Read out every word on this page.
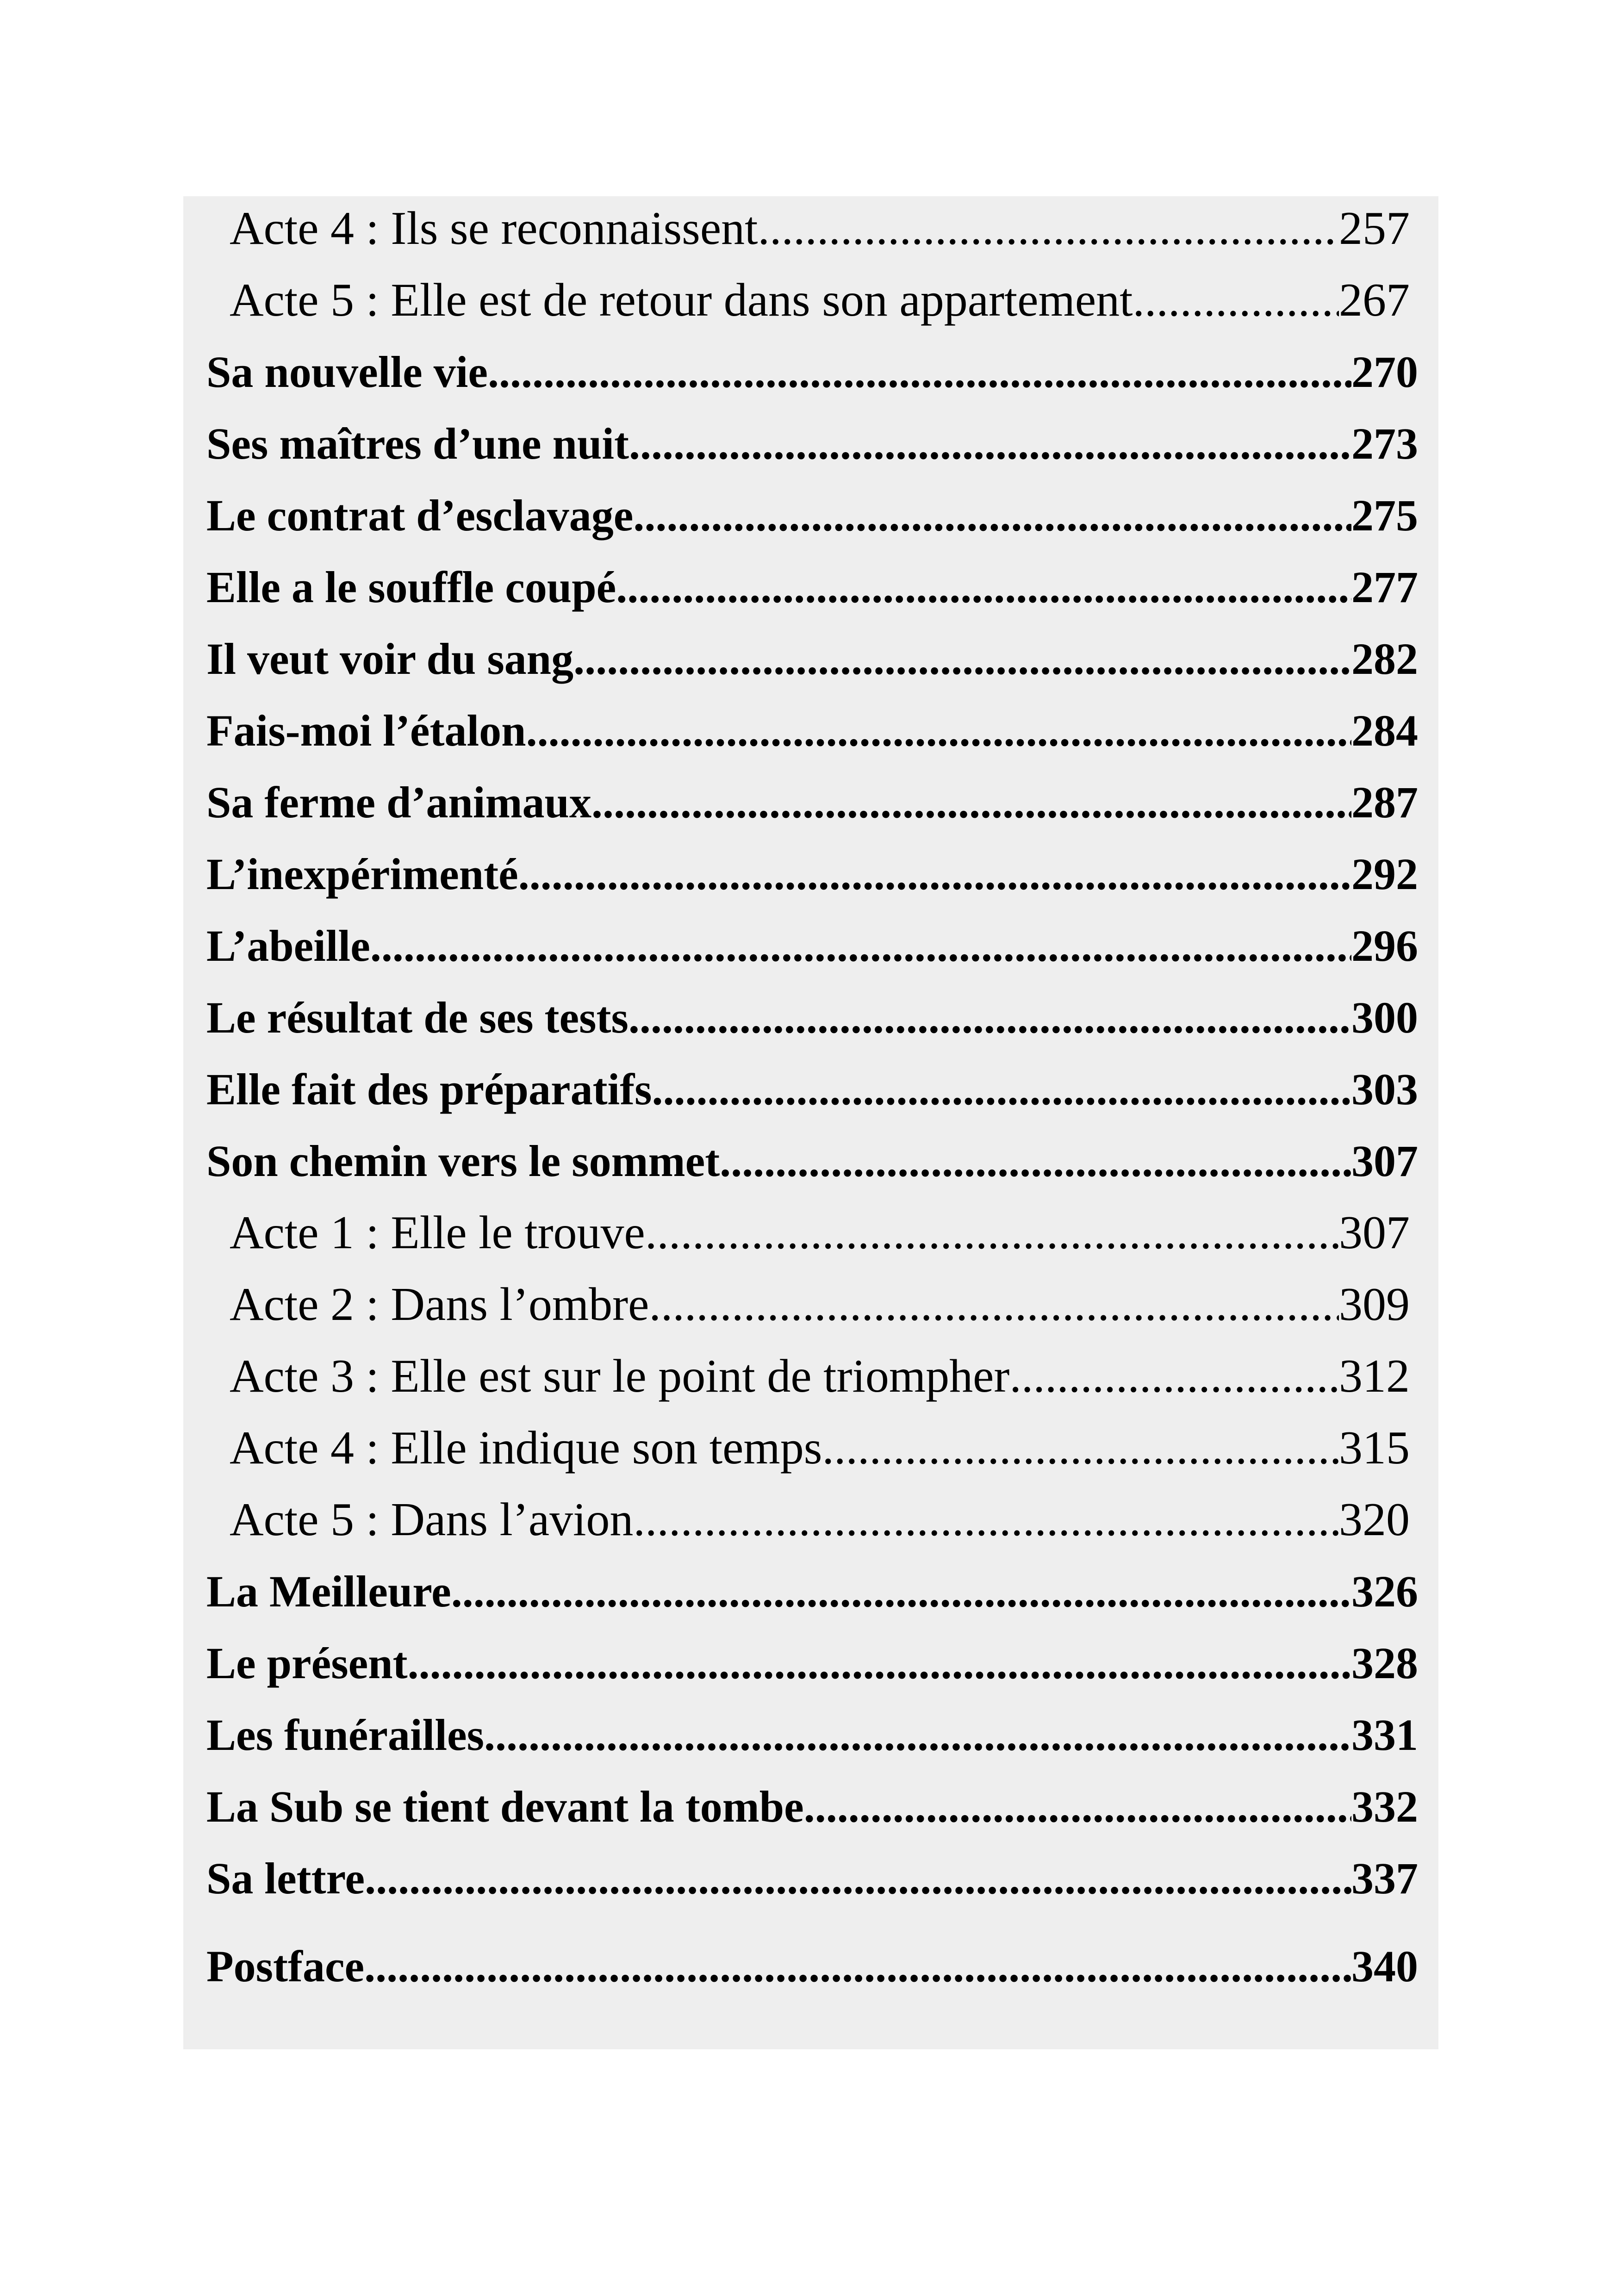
Acte 4 : Ils se reconnaissent .....	257
Acte 5 : Elle est de retour dans son appartement .....	267
Sa nouvelle vie .....	270
Ses maîtres d’une nuit .....	273
Le contrat d’esclavage .....	275
Elle a le souffle coupé .....	277
Il veut voir du sang .....	282
Fais-moi l’étalon .....	284
Sa ferme d’animaux .....	287
L’inexpérimenté .....	292
L’abeille .....	296
Le résultat de ses tests .....	300
Elle fait des préparatifs .....	303
Son chemin vers le sommet .....	307
Acte 1 : Elle le trouve .....	307
Acte 2 : Dans l’ombre .....	309
Acte 3 : Elle est sur le point de triompher .....	312
Acte 4 : Elle indique son temps .....	315
Acte 5 : Dans l’avion .....	320
La Meilleure .....	326
Le présent .....	328
Les funérailles .....	331
La Sub se tient devant la tombe .....	332
Sa lettre .....	337
Postface .....	340
